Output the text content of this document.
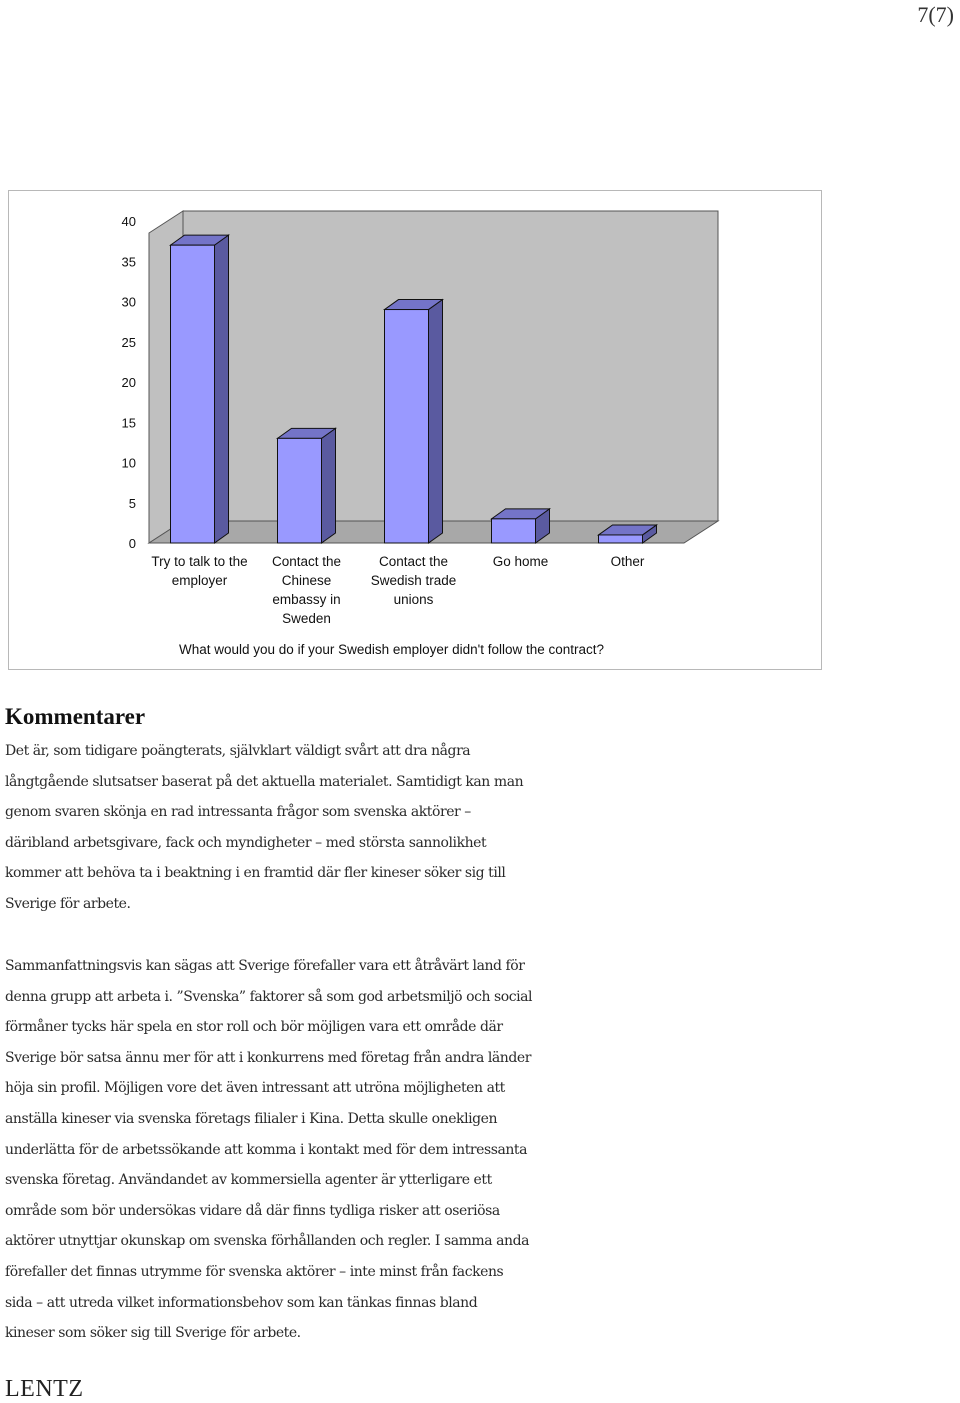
7(7)
0
5
10
15
20
25
30
35
40
Try to talk to the employer
Contact the Chinese embassy in Sweden
Contact the Swedish trade unions
Go home	Other
What would you do if your Swedish employer didn't follow the contract?
Kommentarer
Det är, som tidigare poängterats, självklart väldigt svårt att dra några
långtgående slutsatser baserat på det aktuella materialet. Samtidigt kan man
genom svaren skönja en rad intressanta frågor som svenska aktörer –
däribland arbetsgivare, fack och myndigheter – med största sannolikhet
kommer att behöva ta i beaktning i en framtid där fler kineser söker sig till
Sverige för arbete.
Sammanfattningsvis kan sägas att Sverige förefaller vara ett åtråvärt land för
denna grupp att arbeta i. ”Svenska” faktorer så som god arbetsmiljö och social
förmåner tycks här spela en stor roll och bör möjligen vara ett område där
Sverige bör satsa ännu mer för att i konkurrens med företag från andra länder
höja sin profil. Möjligen vore det även intressant att utröna möjligheten att
anställa kineser via svenska företags filialer i Kina. Detta skulle onekligen
underlätta för de arbetssökande att komma i kontakt med för dem intressanta
svenska företag. Användandet av kommersiella agenter är ytterligare ett
område som bör undersökas vidare då där finns tydliga risker att oseriösa
aktörer utnyttjar okunskap om svenska förhållanden och regler. I samma anda
förefaller det finnas utrymme för svenska aktörer – inte minst från fackens
sida – att utreda vilket informationsbehov som kan tänkas finnas bland
kineser som söker sig till Sverige för arbete.
LENTZ
